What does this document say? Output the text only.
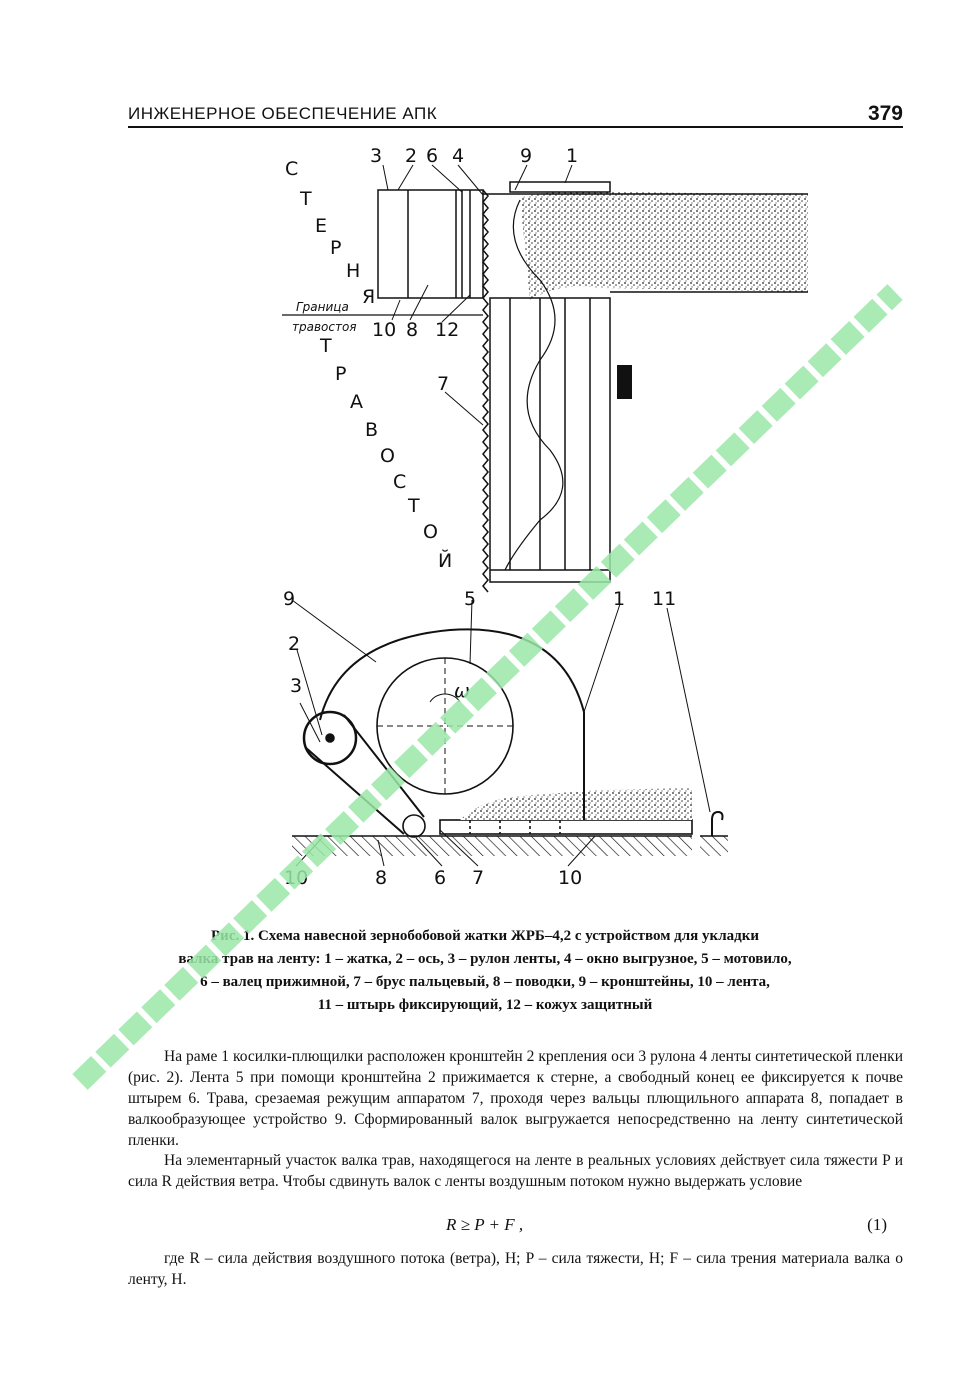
ИНЖЕНЕРНОЕ ОБЕСПЕЧЕНИЕ АПК	379
3 2 6 4	9 1
10 8 12
7
Граница
травостоя
С
Т
Е
Р
Н
Я
Т
Р
А
В
О
С
Т
О
Й
9	5	1 11
2
3
10	8 6 7	10
ω
Рис. 1. Схема навесной зернобобовой жатки ЖРБ–4,2 с устройством для укладки
валка трав на ленту: 1 – жатка, 2 – ось, 3 – рулон ленты, 4 – окно выгрузное, 5 – мотовило,
6 – валец прижимной, 7 – брус пальцевый, 8 – поводки, 9 – кронштейны, 10 – лента,
11 – штырь фиксирующий, 12 – кожух защитный
На раме 1 косилки-плющилки расположен кронштейн 2 крепления оси 3 рулона 4 ленты синтетической пленки (рис. 2). Лента 5 при помощи кронштейна 2 прижимается к стерне, а свободный конец ее фиксируется к почве штырем 6. Трава, срезаемая режущим аппаратом 7, проходя через вальцы плющильного аппарата 8, попадает в валкообразующее устройство 9. Сформированный валок выгружается непосредственно на ленту синтетической пленки.
На элементарный участок валка трав, находящегося на ленте в реальных условиях действует сила тяжести P и сила R действия ветра. Чтобы сдвинуть валок с ленты воздушным потоком нужно выдержать условие
R ≥ P + F ,	(1)
где R – сила действия воздушного потока (ветра), Н; P – сила тяжести, Н; F – сила трения материала валка о ленту, Н.
